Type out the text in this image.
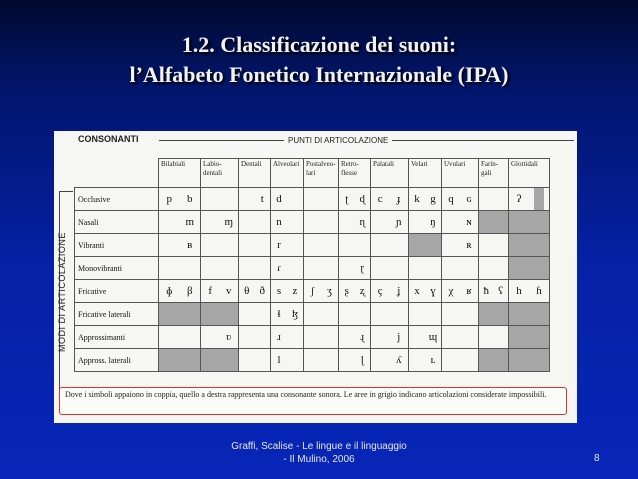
1.2. Classificazione dei suoni:
l’Alfabeto Fonetico Internazionale (IPA)
CONSONANTI	PUNTI DI ARTICOLAZIONE
MODI DI ARTICOLAZIONE
	Bilabiali	Labio-dentali	Dentali	Alveolari	Postalveo-lari	Retro-flesse	Palatali	Velari	Uvulari	Farin-gali	Glottidali
Occlusive	p b		t	d		ʈ ɖ	c ɟ	k g	q ɢ		ʔ

Nasali	m	ɱ		n		ɳ	ɲ	ŋ	ɴ		

Vibranti	ʙ			r					ʀ		

Monovibranti				ɾ		ɽ					

Fricative	ɸ β	f v	θ ð	s z	ʃ ʒ	ʂ ʐ	ç ʝ	x ɣ	χ ʁ	ħ ʕ	h ɦ

Fricative laterali				ɬ ɮ							

Approssimanti		ʋ		ɹ		ɻ	j	ɰ			

Appross. laterali				l		ɭ	ʎ	ʟ			

Dove i simboli appaiono in coppia, quello a destra rappresenta una consonante sonora. Le aree in grigio indicano articolazioni considerate impossibili.
Graffi, Scalise - Le lingue e il linguaggio
- Il Mulino, 2006	8
